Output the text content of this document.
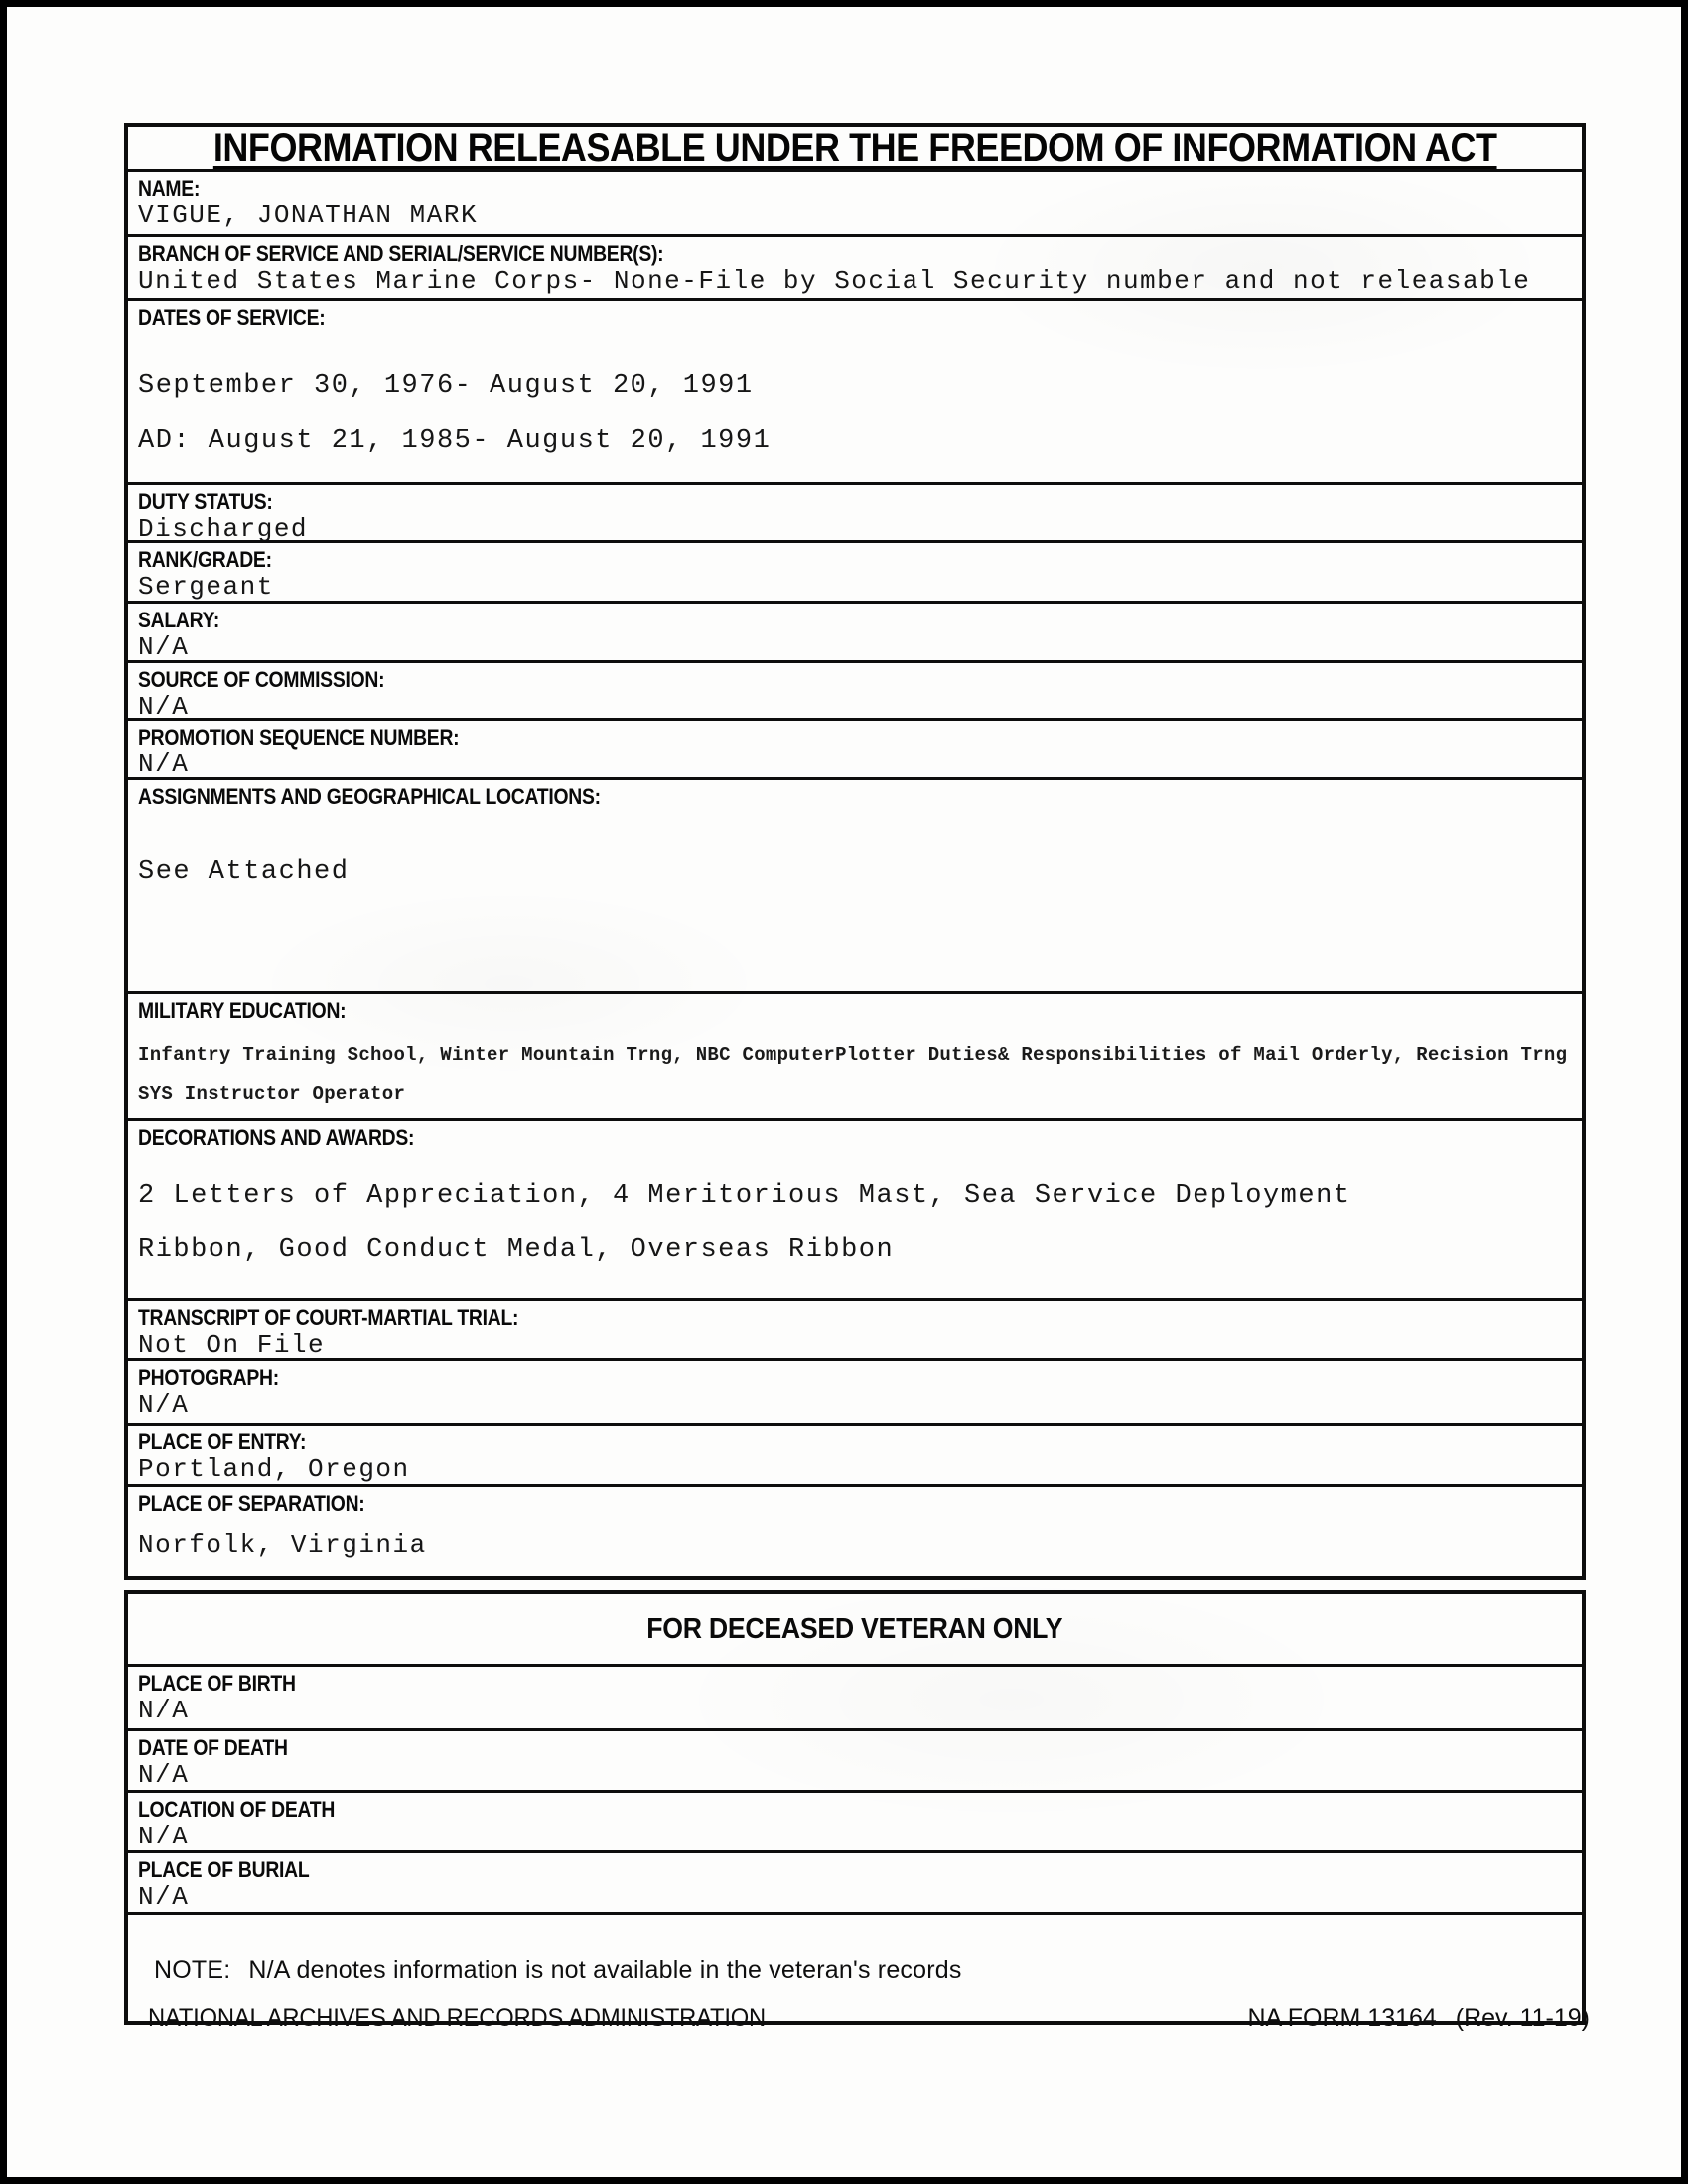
INFORMATION RELEASABLE UNDER THE FREEDOM OF INFORMATION ACT
NAME:
VIGUE, JONATHAN MARK
BRANCH OF SERVICE AND SERIAL/SERVICE NUMBER(S):
United States Marine Corps- None-File by Social Security number and not releasable
DATES OF SERVICE:
September 30, 1976- August 20, 1991
AD: August 21, 1985- August 20, 1991
DUTY STATUS:
Discharged
RANK/GRADE:
Sergeant
SALARY:
N/A
SOURCE OF COMMISSION:
N/A
PROMOTION SEQUENCE NUMBER:
N/A
ASSIGNMENTS AND GEOGRAPHICAL LOCATIONS:
See Attached
MILITARY EDUCATION:
Infantry Training School, Winter Mountain Trng, NBC ComputerPlotter Duties& Responsibilities of Mail Orderly, Recision Trng
SYS Instructor Operator
DECORATIONS AND AWARDS:
2 Letters of Appreciation, 4 Meritorious Mast, Sea Service Deployment
Ribbon, Good Conduct Medal, Overseas Ribbon
TRANSCRIPT OF COURT-MARTIAL TRIAL:
Not On File
PHOTOGRAPH:
N/A
PLACE OF ENTRY:
Portland, Oregon
PLACE OF SEPARATION:
Norfolk, Virginia
FOR DECEASED VETERAN ONLY
PLACE OF BIRTH
N/A
DATE OF DEATH
N/A
LOCATION OF DEATH
N/A
PLACE OF BURIAL
N/A
NOTE: N/A denotes information is not available in the veteran's records
NATIONAL ARCHIVES AND RECORDS ADMINISTRATION	NA FORM 13164 (Rev. 11-19)
